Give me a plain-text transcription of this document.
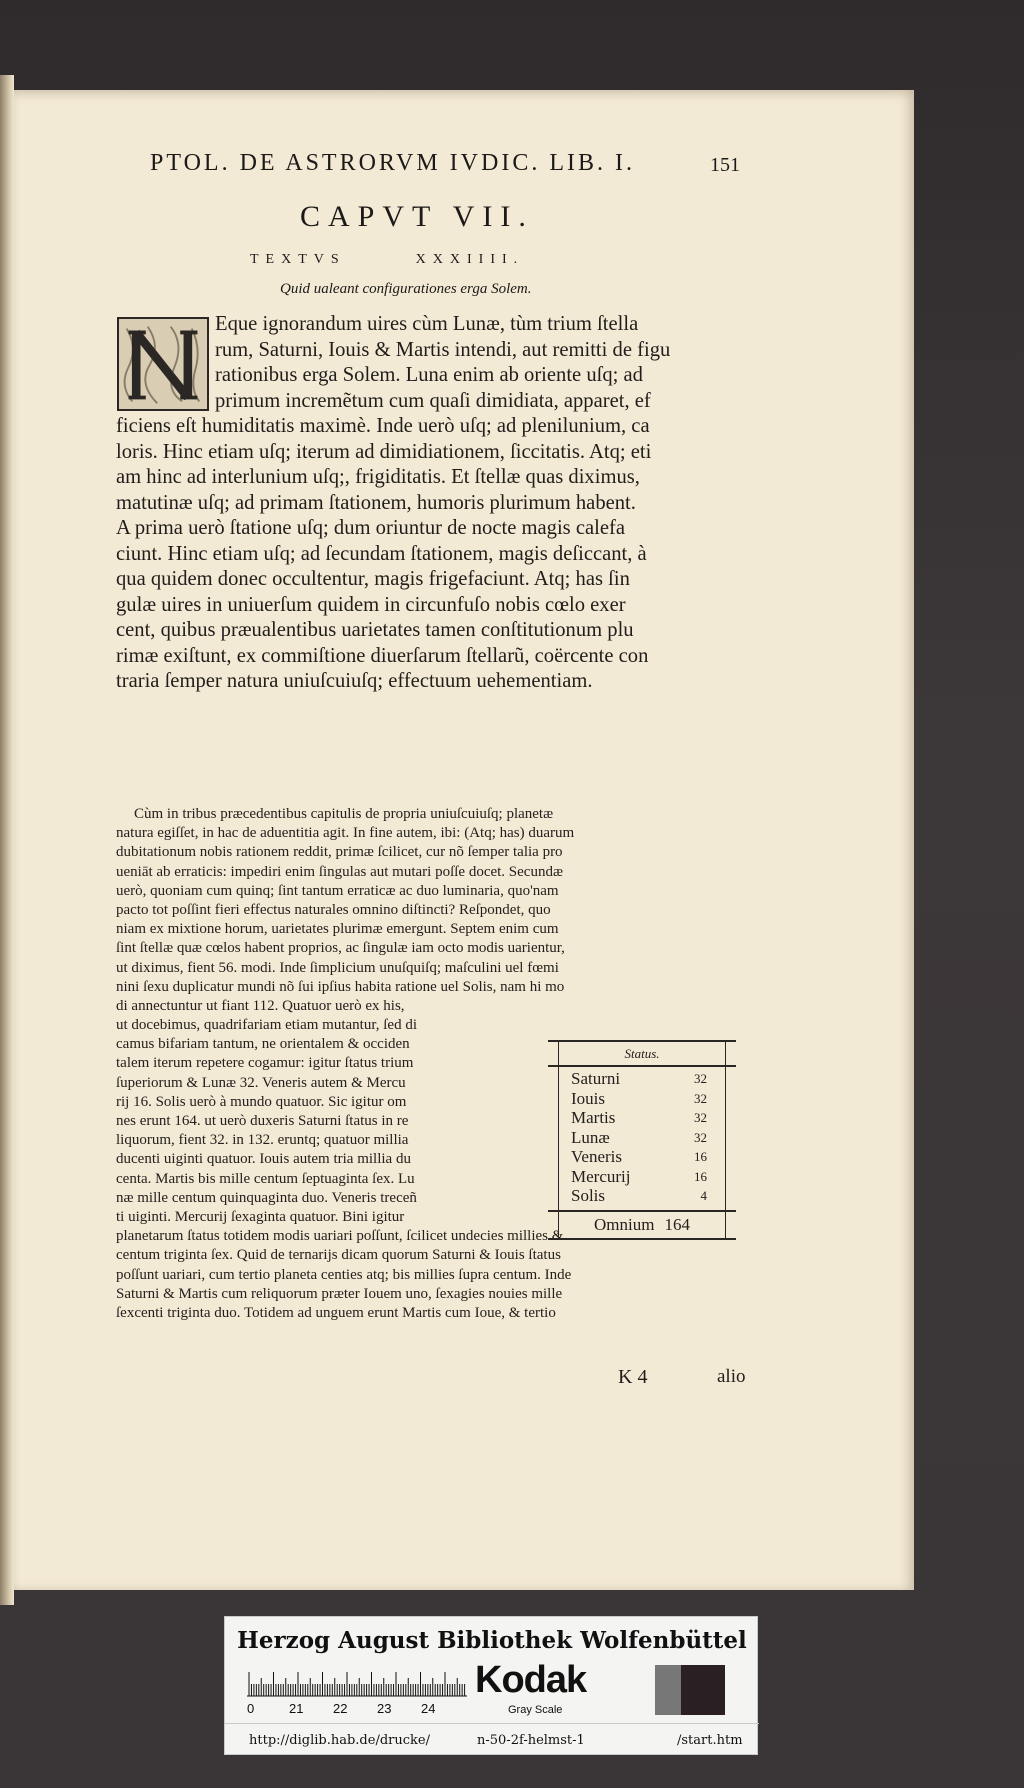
PTOL. DE ASTRORVM IVDIC. LIB. I.	151
CAPVT VII.
TEXTVS	XXXIIII.
Quid ualeant configurationes erga Solem.
Eque ignorandum uires cùm Lunæ, tùm trium ſtella
rum, Saturni, Iouis & Martis intendi, aut remitti de figu
rationibus erga Solem. Luna enim ab oriente uſq; ad
primum incremẽtum cum quaſi dimidiata, apparet, ef
ficiens eſt humiditatis maximè. Inde uerò uſq; ad plenilunium, ca
loris. Hinc etiam uſq; iterum ad dimidiationem, ſiccitatis. Atq; eti
am hinc ad interlunium uſq;, frigiditatis. Et ſtellæ quas diximus,
matutinæ uſq; ad primam ſtationem, humoris plurimum habent.
A prima uerò ſtatione uſq; dum oriuntur de nocte magis calefa
ciunt. Hinc etiam uſq; ad ſecundam ſtationem, magis deſiccant, à
qua quidem donec occultentur, magis frigefaciunt. Atq; has ſin
gulæ uires in uniuerſum quidem in circunfuſo nobis cœlo exer
cent, quibus præualentibus uarietates tamen conſtitutionum plu
rimæ exiſtunt, ex commiſtione diuerſarum ſtellarũ, coërcente con
traria ſemper natura uniuſcuiuſq; effectuum uehementiam.
Cùm in tribus præcedentibus capitulis de propria uniuſcuiuſq; planetæ
natura egiſſet, in hac de aduentitia agit. In fine autem, ibi: (Atq; has) duarum
dubitationum nobis rationem reddit, primæ ſcilicet, cur nõ ſemper talia pro
ueniāt ab erraticis: impediri enim ſingulas aut mutari poſſe docet. Secundæ
uerò, quoniam cum quinq; ſint tantum erraticæ ac duo luminaria, quo'nam
pacto tot poſſint fieri effectus naturales omnino diſtincti? Reſpondet, quo
niam ex mixtione horum, uarietates plurimæ emergunt. Septem enim cum
ſint ſtellæ quæ cœlos habent proprios, ac ſingulæ iam octo modis uarientur,
ut diximus, fient 56. modi. Inde ſimplicium unuſquiſq; maſculini uel fœmi
nini ſexu duplicatur mundi nõ ſui ipſius habita ratione uel Solis, nam hi mo
di annectuntur ut fiant 112. Quatuor uerò ex his,
ut docebimus, quadrifariam etiam mutantur, ſed di
camus bifariam tantum, ne orientalem & occiden
talem iterum repetere cogamur: igitur ſtatus trium
ſuperiorum & Lunæ 32. Veneris autem & Mercu
rij 16. Solis uerò à mundo quatuor. Sic igitur om
nes erunt 164. ut uerò duxeris Saturni ſtatus in re
liquorum, fient 32. in 132. eruntq; quatuor millia
ducenti uiginti quatuor. Iouis autem tria millia du
centa. Martis bis mille centum ſeptuaginta ſex. Lu
næ mille centum quinquaginta duo. Veneris treceñ
ti uiginti. Mercurij ſexaginta quatuor. Bini igitur
planetarum ſtatus totidem modis uariari poſſunt, ſcilicet undecies millies &
centum triginta ſex. Quid de ternarijs dicam quorum Saturni & Iouis ſtatus
poſſunt uariari, cum tertio planeta centies atq; bis millies ſupra centum. Inde
Saturni & Martis cum reliquorum præter Iouem uno, ſexagies nouies mille
ſexcenti triginta duo. Totidem ad unguem erunt Martis cum Ioue, & tertio
Status.
Saturni	32
Iouis	32
Martis	32
Lunæ	32
Veneris	16
Mercurij	16
Solis	4
Omnium 164
K 4	alio
Herzog August Bibliothek Wolfenbüttel
0	21 22 23 24
Kodak
Gray Scale
http://diglib.hab.de/drucke/	n-50-2f-helmst-1	/start.htm
